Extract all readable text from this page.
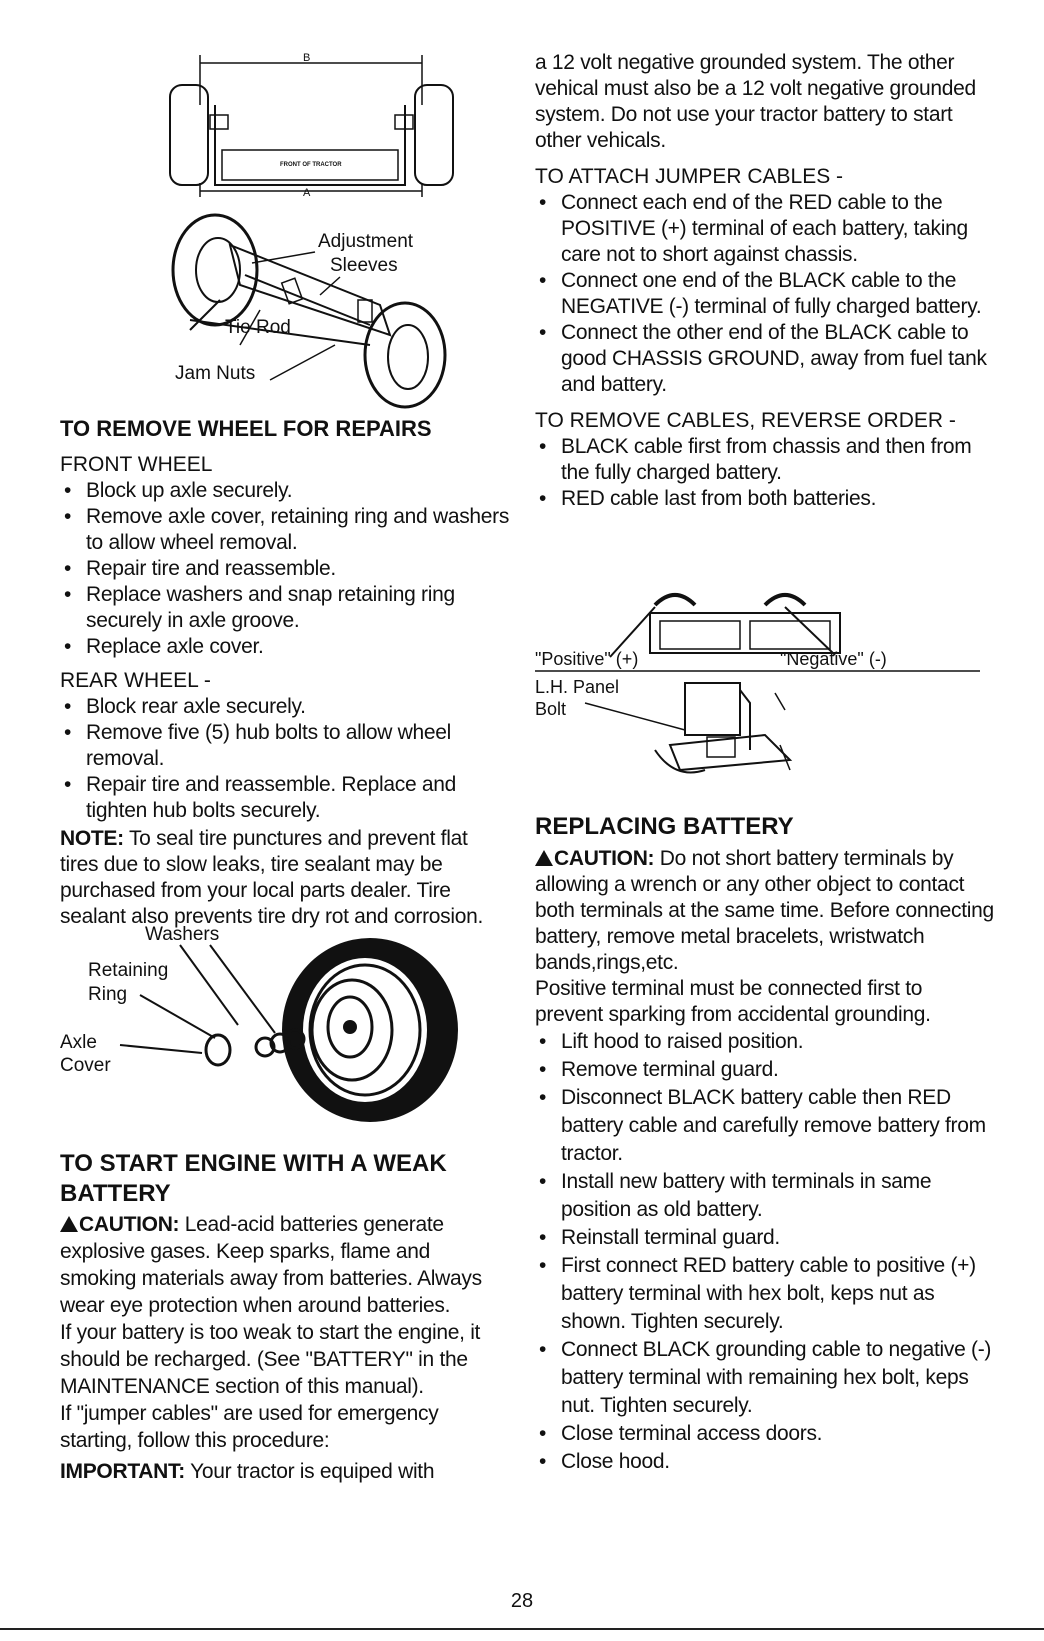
B
A
FRONT OF TRACTOR
Adjustment
Sleeves
Tie Rod
Jam Nuts

TO REMOVE WHEEL FOR REPAIRS

FRONT WHEEL

• Block up axle securely.
• Remove axle cover, retaining ring and washers to allow wheel removal.
• Repair tire and reassemble.
• Replace washers and snap retaining ring securely in axle groove.
• Replace axle cover.

REAR WHEEL -

• Block rear axle securely.
• Remove five (5) hub bolts to allow wheel removal.
• Repair tire and reassemble. Replace and tighten hub bolts securely.

NOTE: To seal tire punctures and prevent flat tires due to slow leaks, tire sealant may be purchased from your local parts dealer. Tire sealant also prevents tire dry rot and corrosion.

Washers
Retaining
Ring
Axle
Cover

TO START ENGINE WITH A WEAK

BATTERY

CAUTION: Lead-acid batteries generate explosive gases. Keep sparks, flame and smoking materials away from batteries. Always wear eye protection when around batteries.

If your battery is too weak to start the engine, it should be recharged. (See "BATTERY" in the MAINTENANCE section of this manual).

If "jumper cables" are used for emergency starting, follow this procedure:

IMPORTANT: Your tractor is equiped with

a 12 volt negative grounded system. The other vehical must also be a 12 volt negative grounded system. Do not use your tractor battery to start other vehicals.

TO ATTACH JUMPER CABLES -

• Connect each end of the RED cable to the POSITIVE (+) terminal of each battery, taking care not to short against chassis.
• Connect one end of the BLACK cable to the NEGATIVE (-) terminal of fully charged battery.
• Connect the other end of the BLACK cable to good CHASSIS GROUND, away from fuel tank and battery.

TO REMOVE CABLES, REVERSE ORDER -

• BLACK cable first from chassis and then from the fully charged battery.
• RED cable last from both batteries.
"Positive" (+)	"Negative" (-)
L.H. Panel
Bolt

REPLACING BATTERY

CAUTION: Do not short battery terminals by allowing a wrench or any other object to contact both terminals at the same time. Before connecting battery, remove metal bracelets, wristwatch bands,rings,etc.

Positive terminal must be connected first to prevent sparking from accidental grounding.

• Lift hood to raised position.
• Remove terminal guard.
• Disconnect BLACK battery cable then RED battery cable and carefully remove battery from tractor.
• Install new battery with terminals in same position as old battery.
• Reinstall terminal guard.
• First connect RED battery cable to positive (+) battery terminal with hex bolt, keps nut as shown. Tighten securely.
• Connect BLACK grounding cable to negative (-) battery terminal with remaining hex bolt, keps nut. Tighten securely.
• Close terminal access doors.
• Close hood.
28
